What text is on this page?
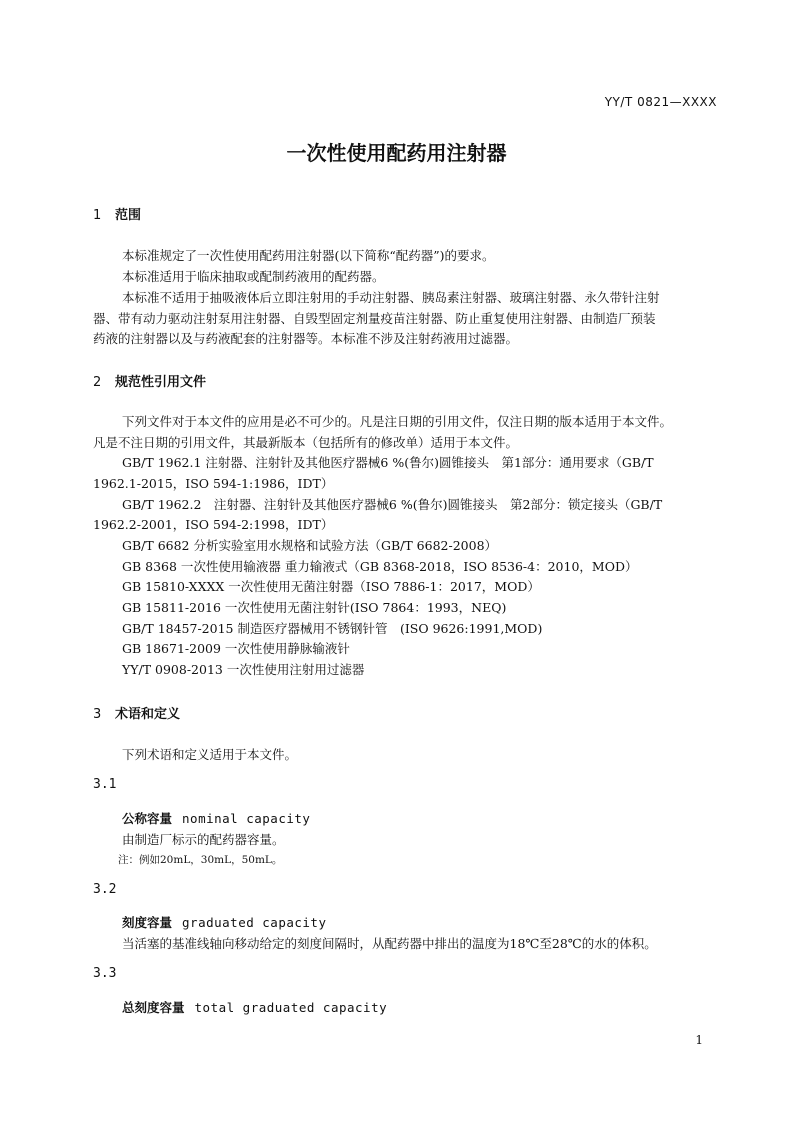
YY/T 0821—XXXX
一次性使用配药用注射器
1 范围
本标准规定了一次性使用配药用注射器(以下简称“配药器”)的要求。
本标准适用于临床抽取或配制药液用的配药器。
本标准不适用于抽吸液体后立即注射用的手动注射器、胰岛素注射器、玻璃注射器、永久带针注射
器、带有动力驱动注射泵用注射器、自毁型固定剂量疫苗注射器、防止重复使用注射器、由制造厂预装
药液的注射器以及与药液配套的注射器等。本标准不涉及注射药液用过滤器。
2 规范性引用文件
下列文件对于本文件的应用是必不可少的。凡是注日期的引用文件，仅注日期的版本适用于本文件。
凡是不注日期的引用文件，其最新版本（包括所有的修改单）适用于本文件。
GB/T 1962.1 注射器、注射针及其他医疗器械6 %(鲁尔)圆锥接头　第1部分：通用要求（GB/T
1962.1-2015，ISO 594-1:1986，IDT）
GB/T 1962.2　注射器、注射针及其他医疗器械6 %(鲁尔)圆锥接头　第2部分：锁定接头（GB/T
1962.2-2001，ISO 594-2:1998，IDT）
GB/T 6682 分析实验室用水规格和试验方法（GB/T 6682-2008）
GB 8368 一次性使用输液器 重力输液式（GB 8368-2018，ISO 8536-4：2010，MOD）
GB 15810-XXXX 一次性使用无菌注射器（ISO 7886-1：2017，MOD）
GB 15811-2016 一次性使用无菌注射针(ISO 7864：1993，NEQ)
GB/T 18457-2015 制造医疗器械用不锈钢针管　(ISO 9626:1991,MOD)
GB 18671-2009 一次性使用静脉输液针
YY/T 0908-2013 一次性使用注射用过滤器
3 术语和定义
下列术语和定义适用于本文件。
3.1
公称容量 nominal capacity
由制造厂标示的配药器容量。
注：例如20mL，30mL，50mL。
3.2
刻度容量 graduated capacity
当活塞的基准线轴向移动给定的刻度间隔时，从配药器中排出的温度为18℃至28℃的水的体积。
3.3
总刻度容量 total graduated capacity
1
